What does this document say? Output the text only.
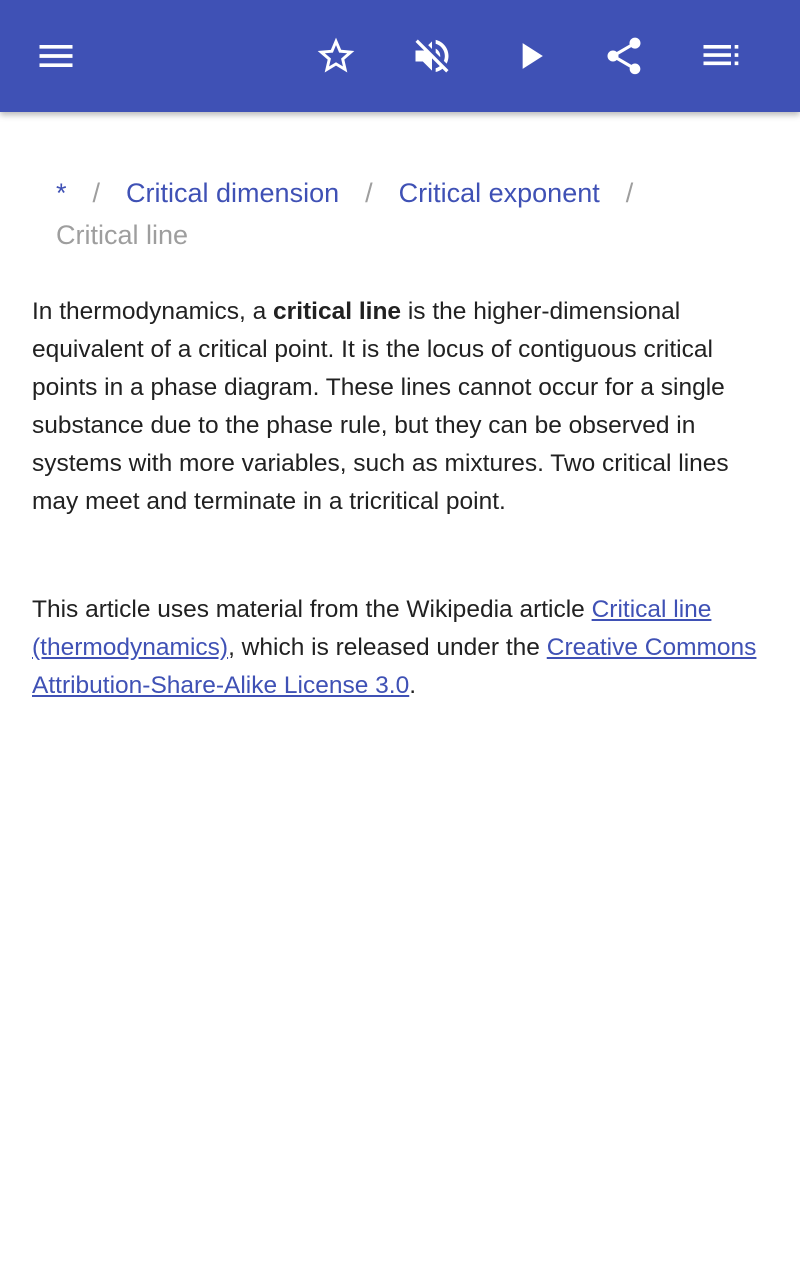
* / Critical dimension / Critical exponent /
Critical line

In thermodynamics, a critical line is the higher-dimensional equivalent of a critical point. It is the locus of contiguous critical points in a phase diagram. These lines cannot occur for a single substance due to the phase rule, but they can be observed in systems with more variables, such as mixtures. Two critical lines may meet and terminate in a tricritical point.

This article uses material from the Wikipedia article Critical line (thermodynamics), which is released under the Creative Commons Attribution-Share-Alike License 3.0.
